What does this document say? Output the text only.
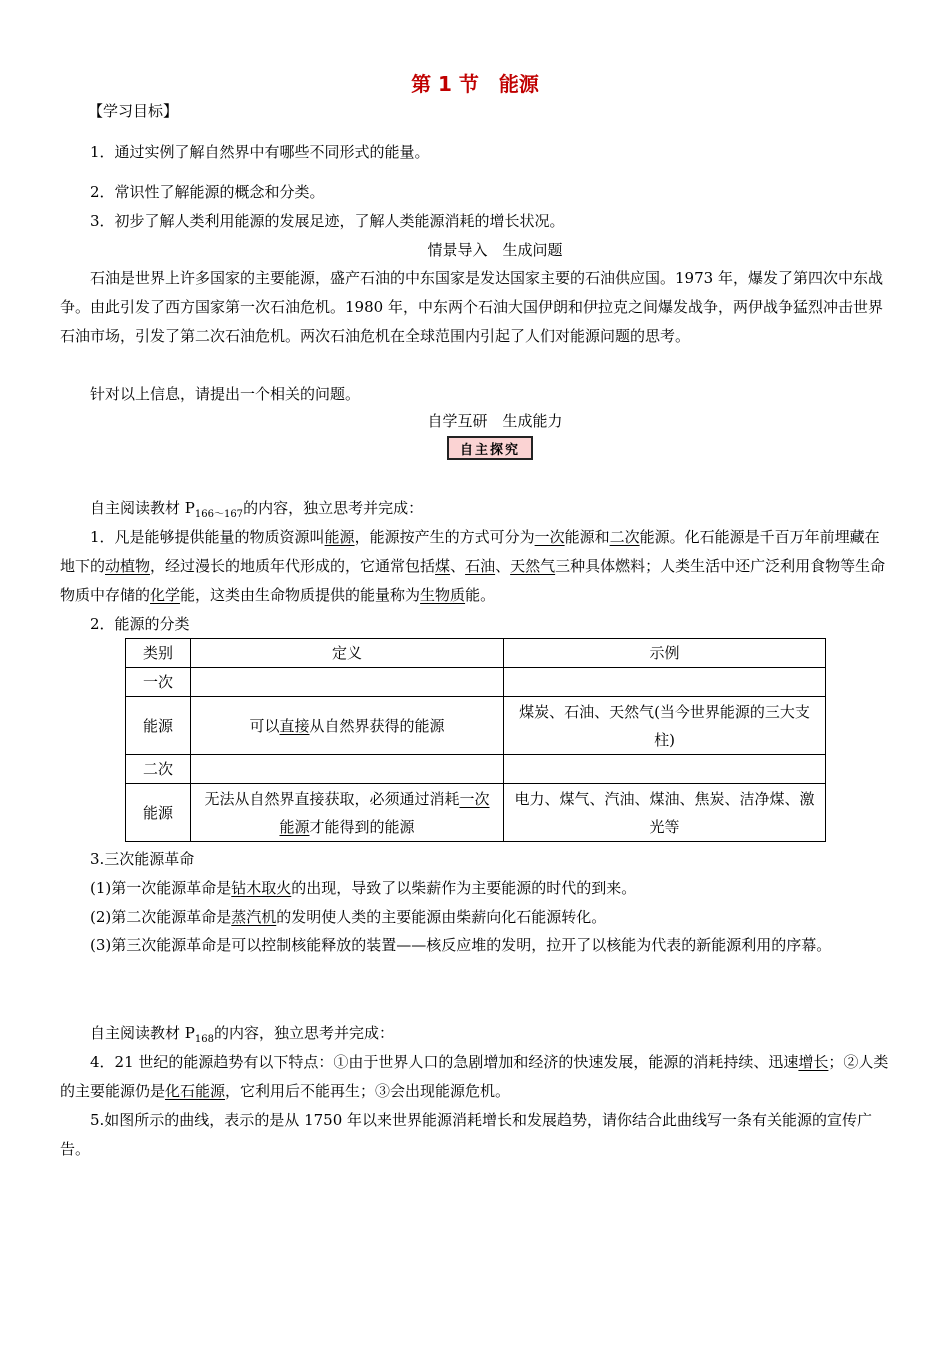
第 1 节　能源
【学习目标】
1．通过实例了解自然界中有哪些不同形式的能量。
2．常识性了解能源的概念和分类。
3．初步了解人类利用能源的发展足迹，了解人类能源消耗的增长状况。
情景导入　生成问题

石油是世界上许多国家的主要能源，盛产石油的中东国家是发达国家主要的石油供应国。1973 年，爆发了第四次中东战争。由此引发了西方国家第一次石油危机。1980 年，中东两个石油大国伊朗和伊拉克之间爆发战争，两伊战争猛烈冲击世界石油市场，引发了第二次石油危机。两次石油危机在全球范围内引起了人们对能源问题的思考。

针对以上信息，请提出一个相关的问题。
自学互研　生成能力
自主探究
自主阅读教材 $P_{166\sim 167}$的内容，独立思考并完成：

1．凡是能够提供能量的物质资源叫能源，能源按产生的方式可分为一次能源和二次能源。化石能源是千百万年前埋藏在地下的动植物，经过漫长的地质年代形成的，它通常包括煤、石油、天然气三种具体燃料；人类生活中还广泛利用食物等生命物质中存储的化学能，这类由生命物质提供的能量称为生物质能。

2．能源的分类
类别	定义	示例
一次		
能源	可以直接从自然界获得的能源	煤炭、石油、天然气(当今世界能源的三大支柱)
二次		
能源	无法从自然界直接获取，必须通过消耗一次能源才能得到的能源	电力、煤气、汽油、煤油、焦炭、洁净煤、激光等
3.三次能源革命
(1)第一次能源革命是钻木取火的出现，导致了以柴薪作为主要能源的时代的到来。
(2)第二次能源革命是蒸汽机的发明使人类的主要能源由柴薪向化石能源转化。

(3)第三次能源革命是可以控制核能释放的装置——核反应堆的发明，拉开了以核能为代表的新能源利用的序幕。

自主阅读教材 $P_{168}$的内容，独立思考并完成：

4．21 世纪的能源趋势有以下特点：①由于世界人口的急剧增加和经济的快速发展，能源的消耗持续、迅速增长；②人类的主要能源仍是化石能源，它利用后不能再生；③会出现能源危机。

5.如图所示的曲线，表示的是从 1750 年以来世界能源消耗增长和发展趋势，请你结合此曲线写一条有关能源的宣传广告。
